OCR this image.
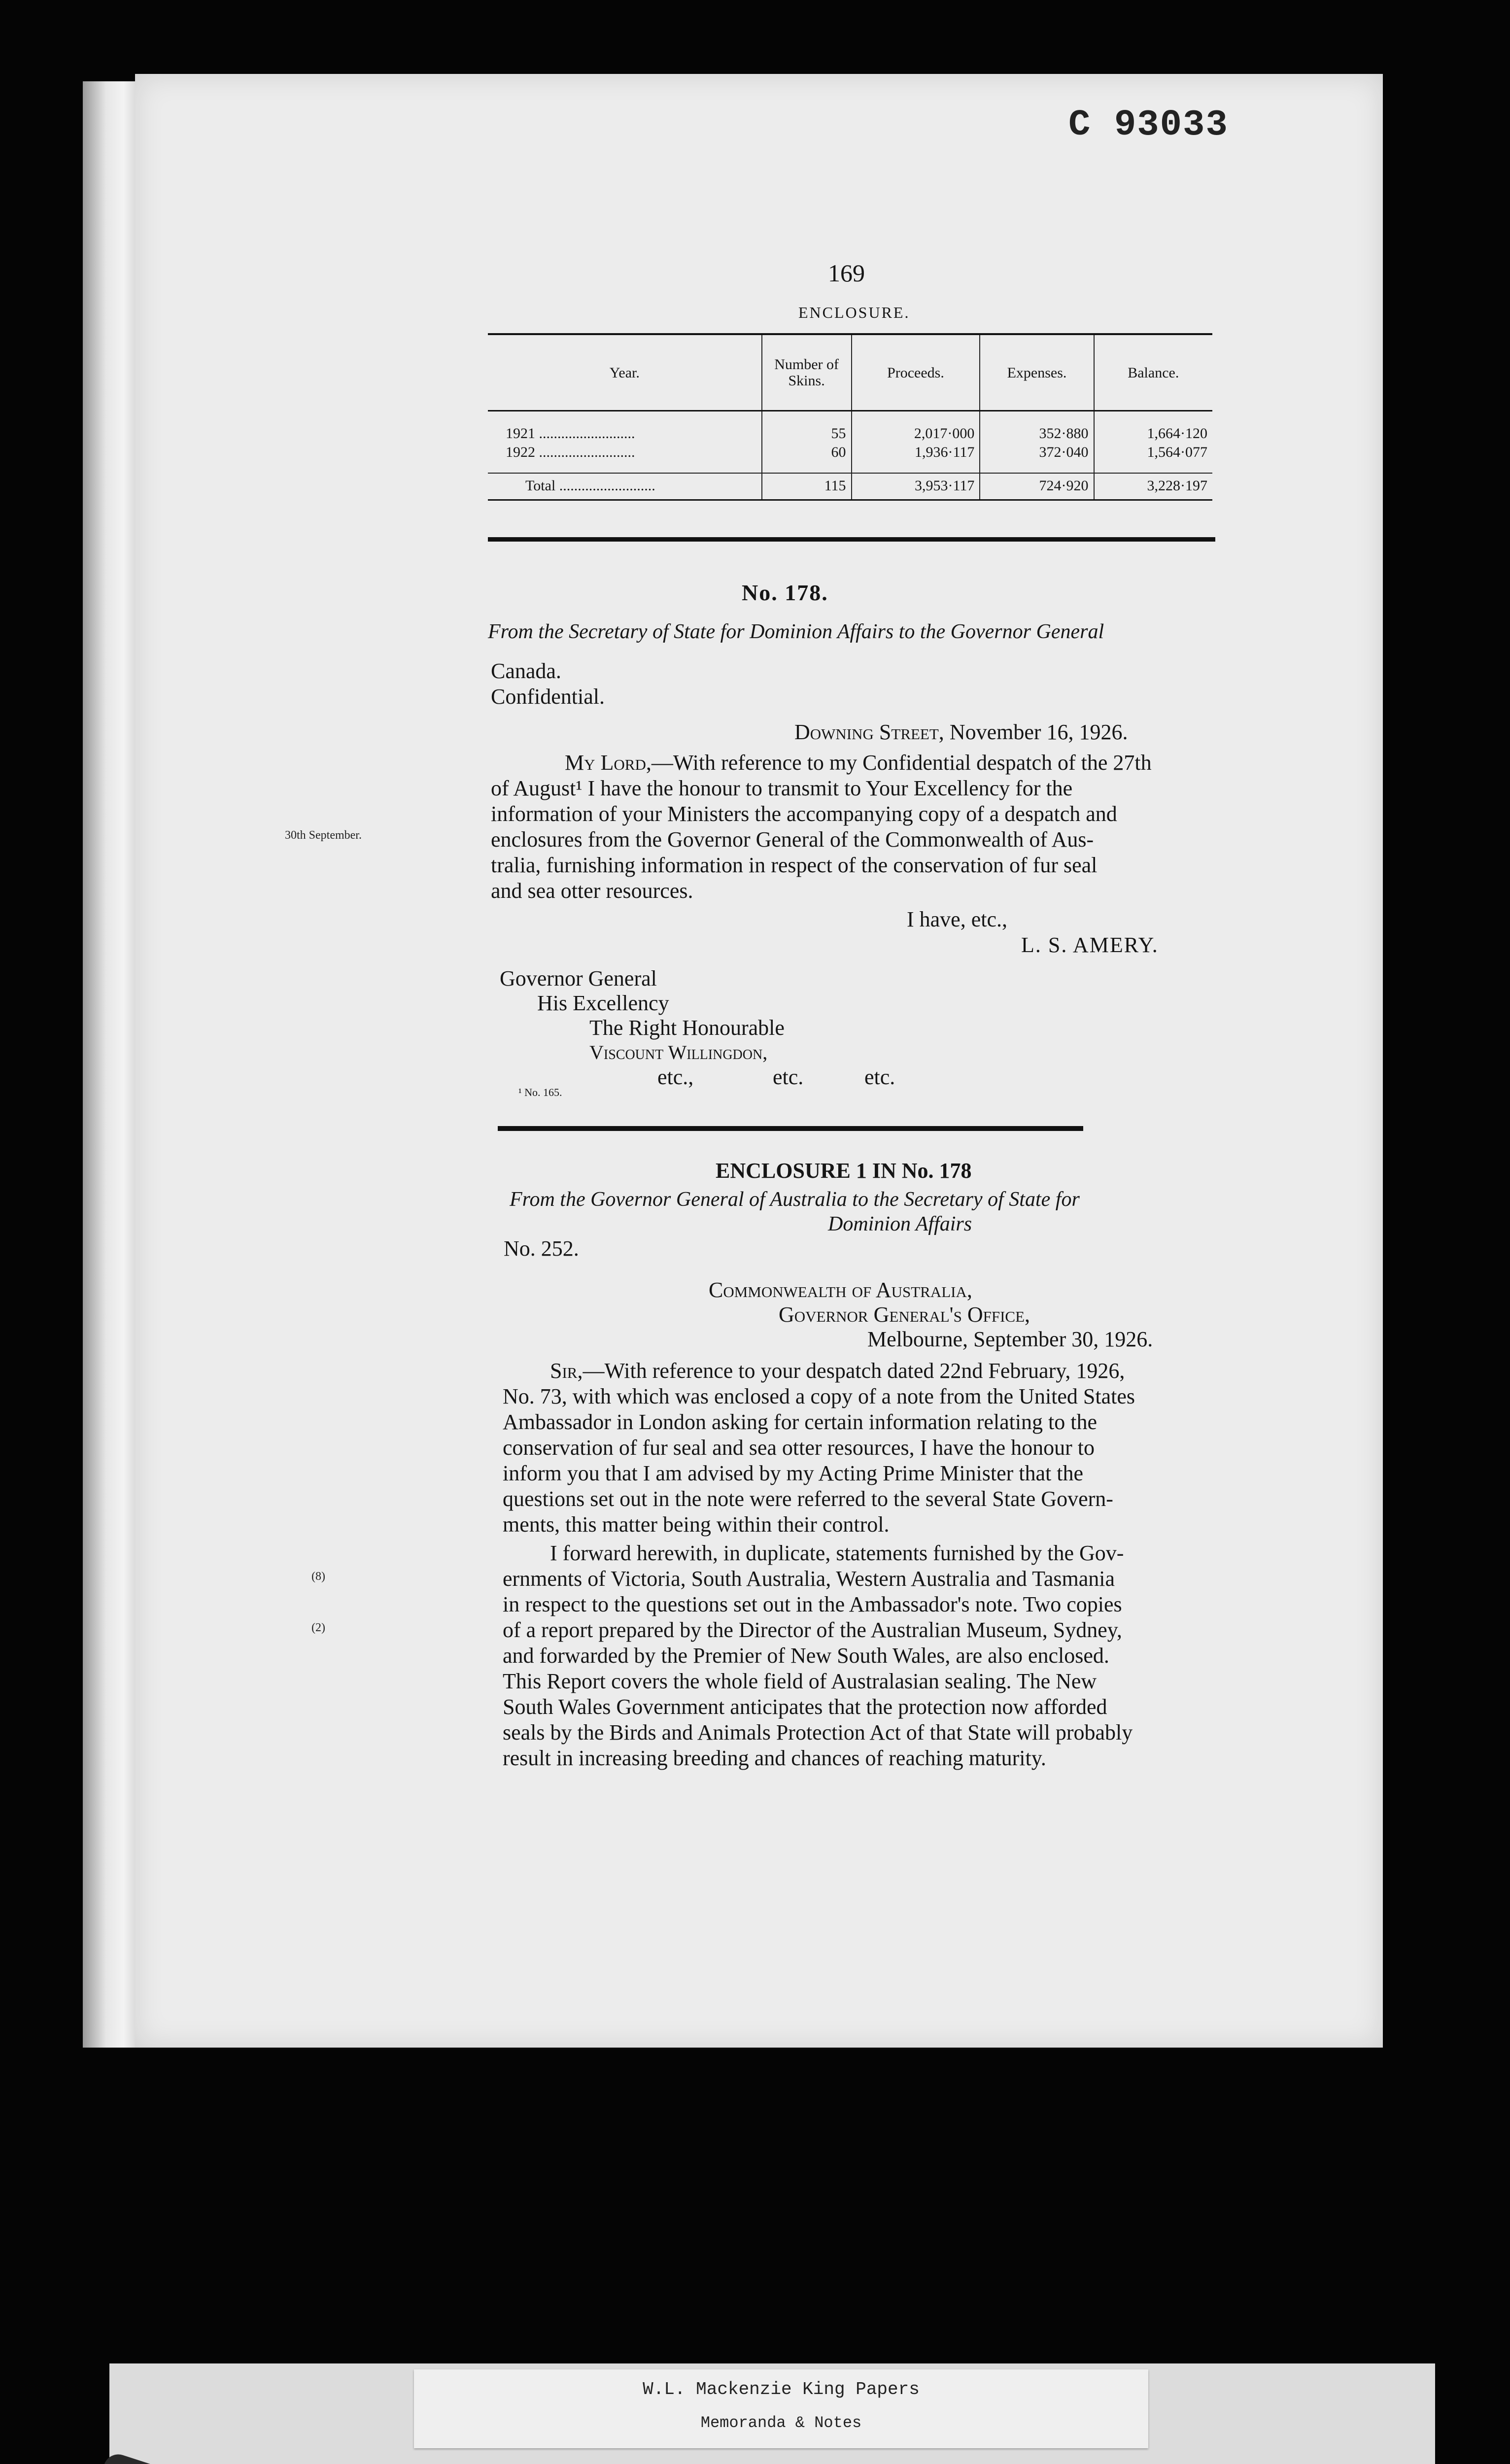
C 93033
169
ENCLOSURE.
Year.	Number of Skins.	Proceeds.	Expenses.	Balance.
1921 ..........................	55	2,017·000	352·880	1,664·120
1922 ..........................	60	1,936·117	372·040	1,564·077
Total ..........................	115	3,953·117	724·920	3,228·197
No. 178.
From the Secretary of State for Dominion Affairs to the Governor General
Canada.
Confidential.
Downing Street, November 16, 1926.
My Lord,—With reference to my Confidential despatch of the 27th
of August¹ I have the honour to transmit to Your Excellency for the
information of your Ministers the accompanying copy of a despatch and
enclosures from the Governor General of the Commonwealth of Aus-
tralia, furnishing information in respect of the conservation of fur seal
and sea otter resources.
30th September.
I have, etc.,
L. S. AMERY.
Governor General
His Excellency
The Right Honourable
Viscount Willingdon,
etc.,	etc.	etc.
¹ No. 165.
ENCLOSURE 1 IN No. 178
From the Governor General of Australia to the Secretary of State for
Dominion Affairs
No. 252.
Commonwealth of Australia,
Governor General's Office,
Melbourne, September 30, 1926.
Sir,—With reference to your despatch dated 22nd February, 1926,
No. 73, with which was enclosed a copy of a note from the United States
Ambassador in London asking for certain information relating to the
conservation of fur seal and sea otter resources, I have the honour to
inform you that I am advised by my Acting Prime Minister that the
questions set out in the note were referred to the several State Govern-
ments, this matter being within their control.
I forward herewith, in duplicate, statements furnished by the Gov-
ernments of Victoria, South Australia, Western Australia and Tasmania
in respect to the questions set out in the Ambassador's note. Two copies
of a report prepared by the Director of the Australian Museum, Sydney,
and forwarded by the Premier of New South Wales, are also enclosed.
This Report covers the whole field of Australasian sealing. The New
South Wales Government anticipates that the protection now afforded
seals by the Birds and Animals Protection Act of that State will probably
result in increasing breeding and chances of reaching maturity.
(8)
(2)
W.L. Mackenzie King Papers
Memoranda & Notes
